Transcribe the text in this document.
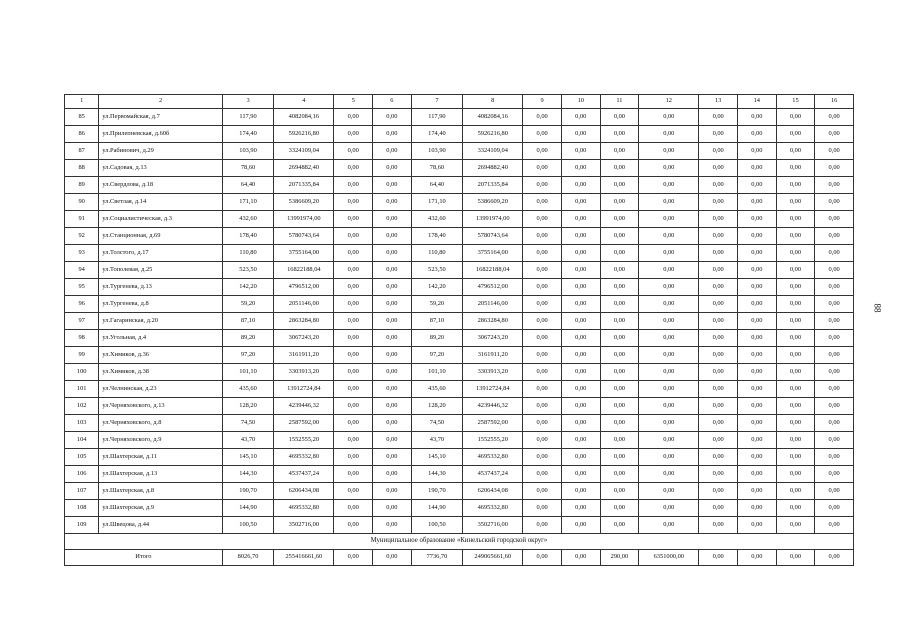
1	2	3	4	5	6	7	8	9	10	11	12	13	14	15	16
85	ул.Первомайская, д.7	117,90	4082084,16	0,00	0,00	117,90	4082084,16	0,00	0,00	0,00	0,00	0,00	0,00	0,00	0,00
86	ул.Прилепневская, д.60б	174,40	5926216,80	0,00	0,00	174,40	5926216,80	0,00	0,00	0,00	0,00	0,00	0,00	0,00	0,00
87	ул.Рабинович, д.29	103,90	3324109,04	0,00	0,00	103,90	3324109,04	0,00	0,00	0,00	0,00	0,00	0,00	0,00	0,00
88	ул.Садовая, д.13	78,60	2694882,40	0,00	0,00	78,60	2694882,40	0,00	0,00	0,00	0,00	0,00	0,00	0,00	0,00
89	ул.Свердлова, д.18	64,40	2071335,84	0,00	0,00	64,40	2071335,84	0,00	0,00	0,00	0,00	0,00	0,00	0,00	0,00
90	ул.Светлая, д.14	171,10	5386609,20	0,00	0,00	171,10	5386609,20	0,00	0,00	0,00	0,00	0,00	0,00	0,00	0,00
91	ул.Социалистическая, д.3	432,60	13991974,00	0,00	0,00	432,60	13991974,00	0,00	0,00	0,00	0,00	0,00	0,00	0,00	0,00
92	ул.Станционная, д.69	178,40	5780743,64	0,00	0,00	178,40	5780743,64	0,00	0,00	0,00	0,00	0,00	0,00	0,00	0,00
93	ул.Толстого, д.17	110,80	3755164,00	0,00	0,00	110,80	3755164,00	0,00	0,00	0,00	0,00	0,00	0,00	0,00	0,00
94	ул.Тополевая, д.25	523,50	16822188,04	0,00	0,00	523,50	16822188,04	0,00	0,00	0,00	0,00	0,00	0,00	0,00	0,00
95	ул.Тургенева, д.13	142,20	4796512,00	0,00	0,00	142,20	4796512,00	0,00	0,00	0,00	0,00	0,00	0,00	0,00	0,00
96	ул.Тургенева, д.8	59,20	2051146,00	0,00	0,00	59,20	2051146,00	0,00	0,00	0,00	0,00	0,00	0,00	0,00	0,00
97	ул.Гагаринская, д.20	87,10	2863284,80	0,00	0,00	87,10	2863284,80	0,00	0,00	0,00	0,00	0,00	0,00	0,00	0,00
98	ул.Угольная, д.4	89,20	3067243,20	0,00	0,00	89,20	3067243,20	0,00	0,00	0,00	0,00	0,00	0,00	0,00	0,00
99	ул.Химиков, д.36	97,20	3161911,20	0,00	0,00	97,20	3161911,20	0,00	0,00	0,00	0,00	0,00	0,00	0,00	0,00
100	ул.Химиков, д.38	101,10	3303913,20	0,00	0,00	101,10	3303913,20	0,00	0,00	0,00	0,00	0,00	0,00	0,00	0,00
101	ул.Челнинская, д.23	435,60	13912724,84	0,00	0,00	435,60	13912724,84	0,00	0,00	0,00	0,00	0,00	0,00	0,00	0,00
102	ул.Черняховского, д.13	128,20	4239446,32	0,00	0,00	128,20	4239446,32	0,00	0,00	0,00	0,00	0,00	0,00	0,00	0,00
103	ул.Черняховского, д.8	74,50	2587592,00	0,00	0,00	74,50	2587592,00	0,00	0,00	0,00	0,00	0,00	0,00	0,00	0,00
104	ул.Черняховского, д.9	43,70	1552555,20	0,00	0,00	43,70	1552555,20	0,00	0,00	0,00	0,00	0,00	0,00	0,00	0,00
105	ул.Шахтерская, д.11	145,10	4695332,80	0,00	0,00	145,10	4695332,80	0,00	0,00	0,00	0,00	0,00	0,00	0,00	0,00
106	ул.Шахтерская, д.13	144,30	4537437,24	0,00	0,00	144,30	4537437,24	0,00	0,00	0,00	0,00	0,00	0,00	0,00	0,00
107	ул.Шахтерская, д.8	190,70	6206434,08	0,00	0,00	190,70	6206434,08	0,00	0,00	0,00	0,00	0,00	0,00	0,00	0,00
108	ул.Шахтерская, д.9	144,90	4695332,80	0,00	0,00	144,90	4695332,80	0,00	0,00	0,00	0,00	0,00	0,00	0,00	0,00
109	ул.Швецова, д.44	100,50	3502716,00	0,00	0,00	100,50	3502716,00	0,00	0,00	0,00	0,00	0,00	0,00	0,00	0,00
Муниципальное образование «Кинельский городской округ»															
Итого		8026,70	255416661,60	0,00	0,00	7736,70	249065661,60	0,00	0,00	290,00	6351000,00	0,00	0,00	0,00	0,00
88
